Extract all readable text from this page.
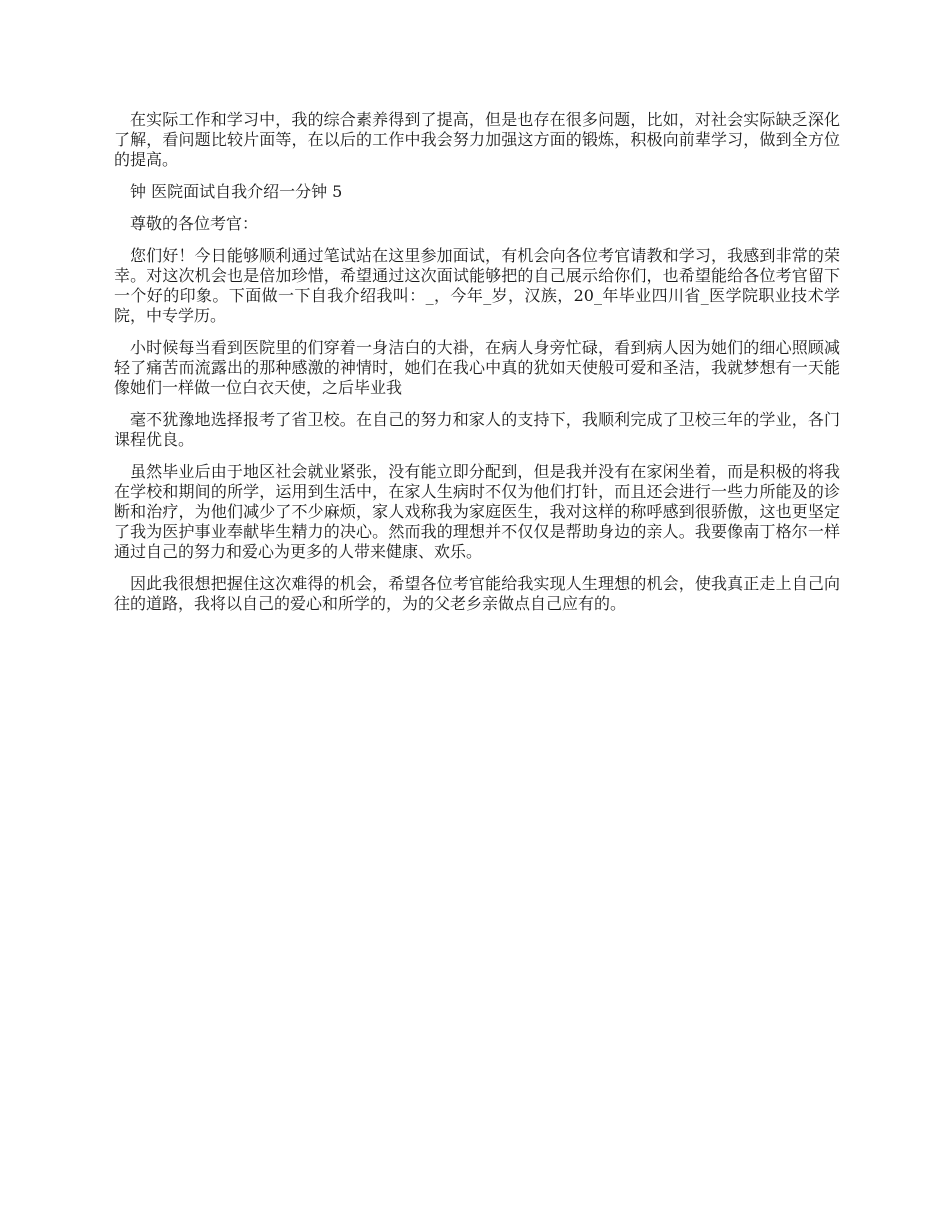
在实际工作和学习中，我的综合素养得到了提高，但是也存在很多问题，比如，对社会实际缺乏深化了解，看问题比较片面等，在以后的工作中我会努力加强这方面的锻炼，积极向前辈学习，做到全方位的提高。

钟 医院面试自我介绍一分钟 5

尊敬的各位考官：

您们好！今日能够顺利通过笔试站在这里参加面试，有机会向各位考官请教和学习，我感到非常的荣幸。对这次机会也是倍加珍惜，希望通过这次面试能够把的自己展示给你们，也希望能给各位考官留下一个好的印象。下面做一下自我介绍我叫：_，今年_岁，汉族，20_年毕业四川省_医学院职业技术学院，中专学历。

小时候每当看到医院里的们穿着一身洁白的大褂，在病人身旁忙碌，看到病人因为她们的细心照顾减轻了痛苦而流露出的那种感激的神情时，她们在我心中真的犹如天使般可爱和圣洁，我就梦想有一天能像她们一样做一位白衣天使，之后毕业我

毫不犹豫地选择报考了省卫校。在自己的努力和家人的支持下，我顺利完成了卫校三年的学业，各门课程优良。

虽然毕业后由于地区社会就业紧张，没有能立即分配到，但是我并没有在家闲坐着，而是积极的将我在学校和期间的所学，运用到生活中，在家人生病时不仅为他们打针，而且还会进行一些力所能及的诊断和治疗，为他们减少了不少麻烦，家人戏称我为家庭医生，我对这样的称呼感到很骄傲，这也更坚定了我为医护事业奉献毕生精力的决心。然而我的理想并不仅仅是帮助身边的亲人。我要像南丁格尔一样通过自己的努力和爱心为更多的人带来健康、欢乐。

因此我很想把握住这次难得的机会，希望各位考官能给我实现人生理想的机会，使我真正走上自己向往的道路，我将以自己的爱心和所学的，为的父老乡亲做点自己应有的。
